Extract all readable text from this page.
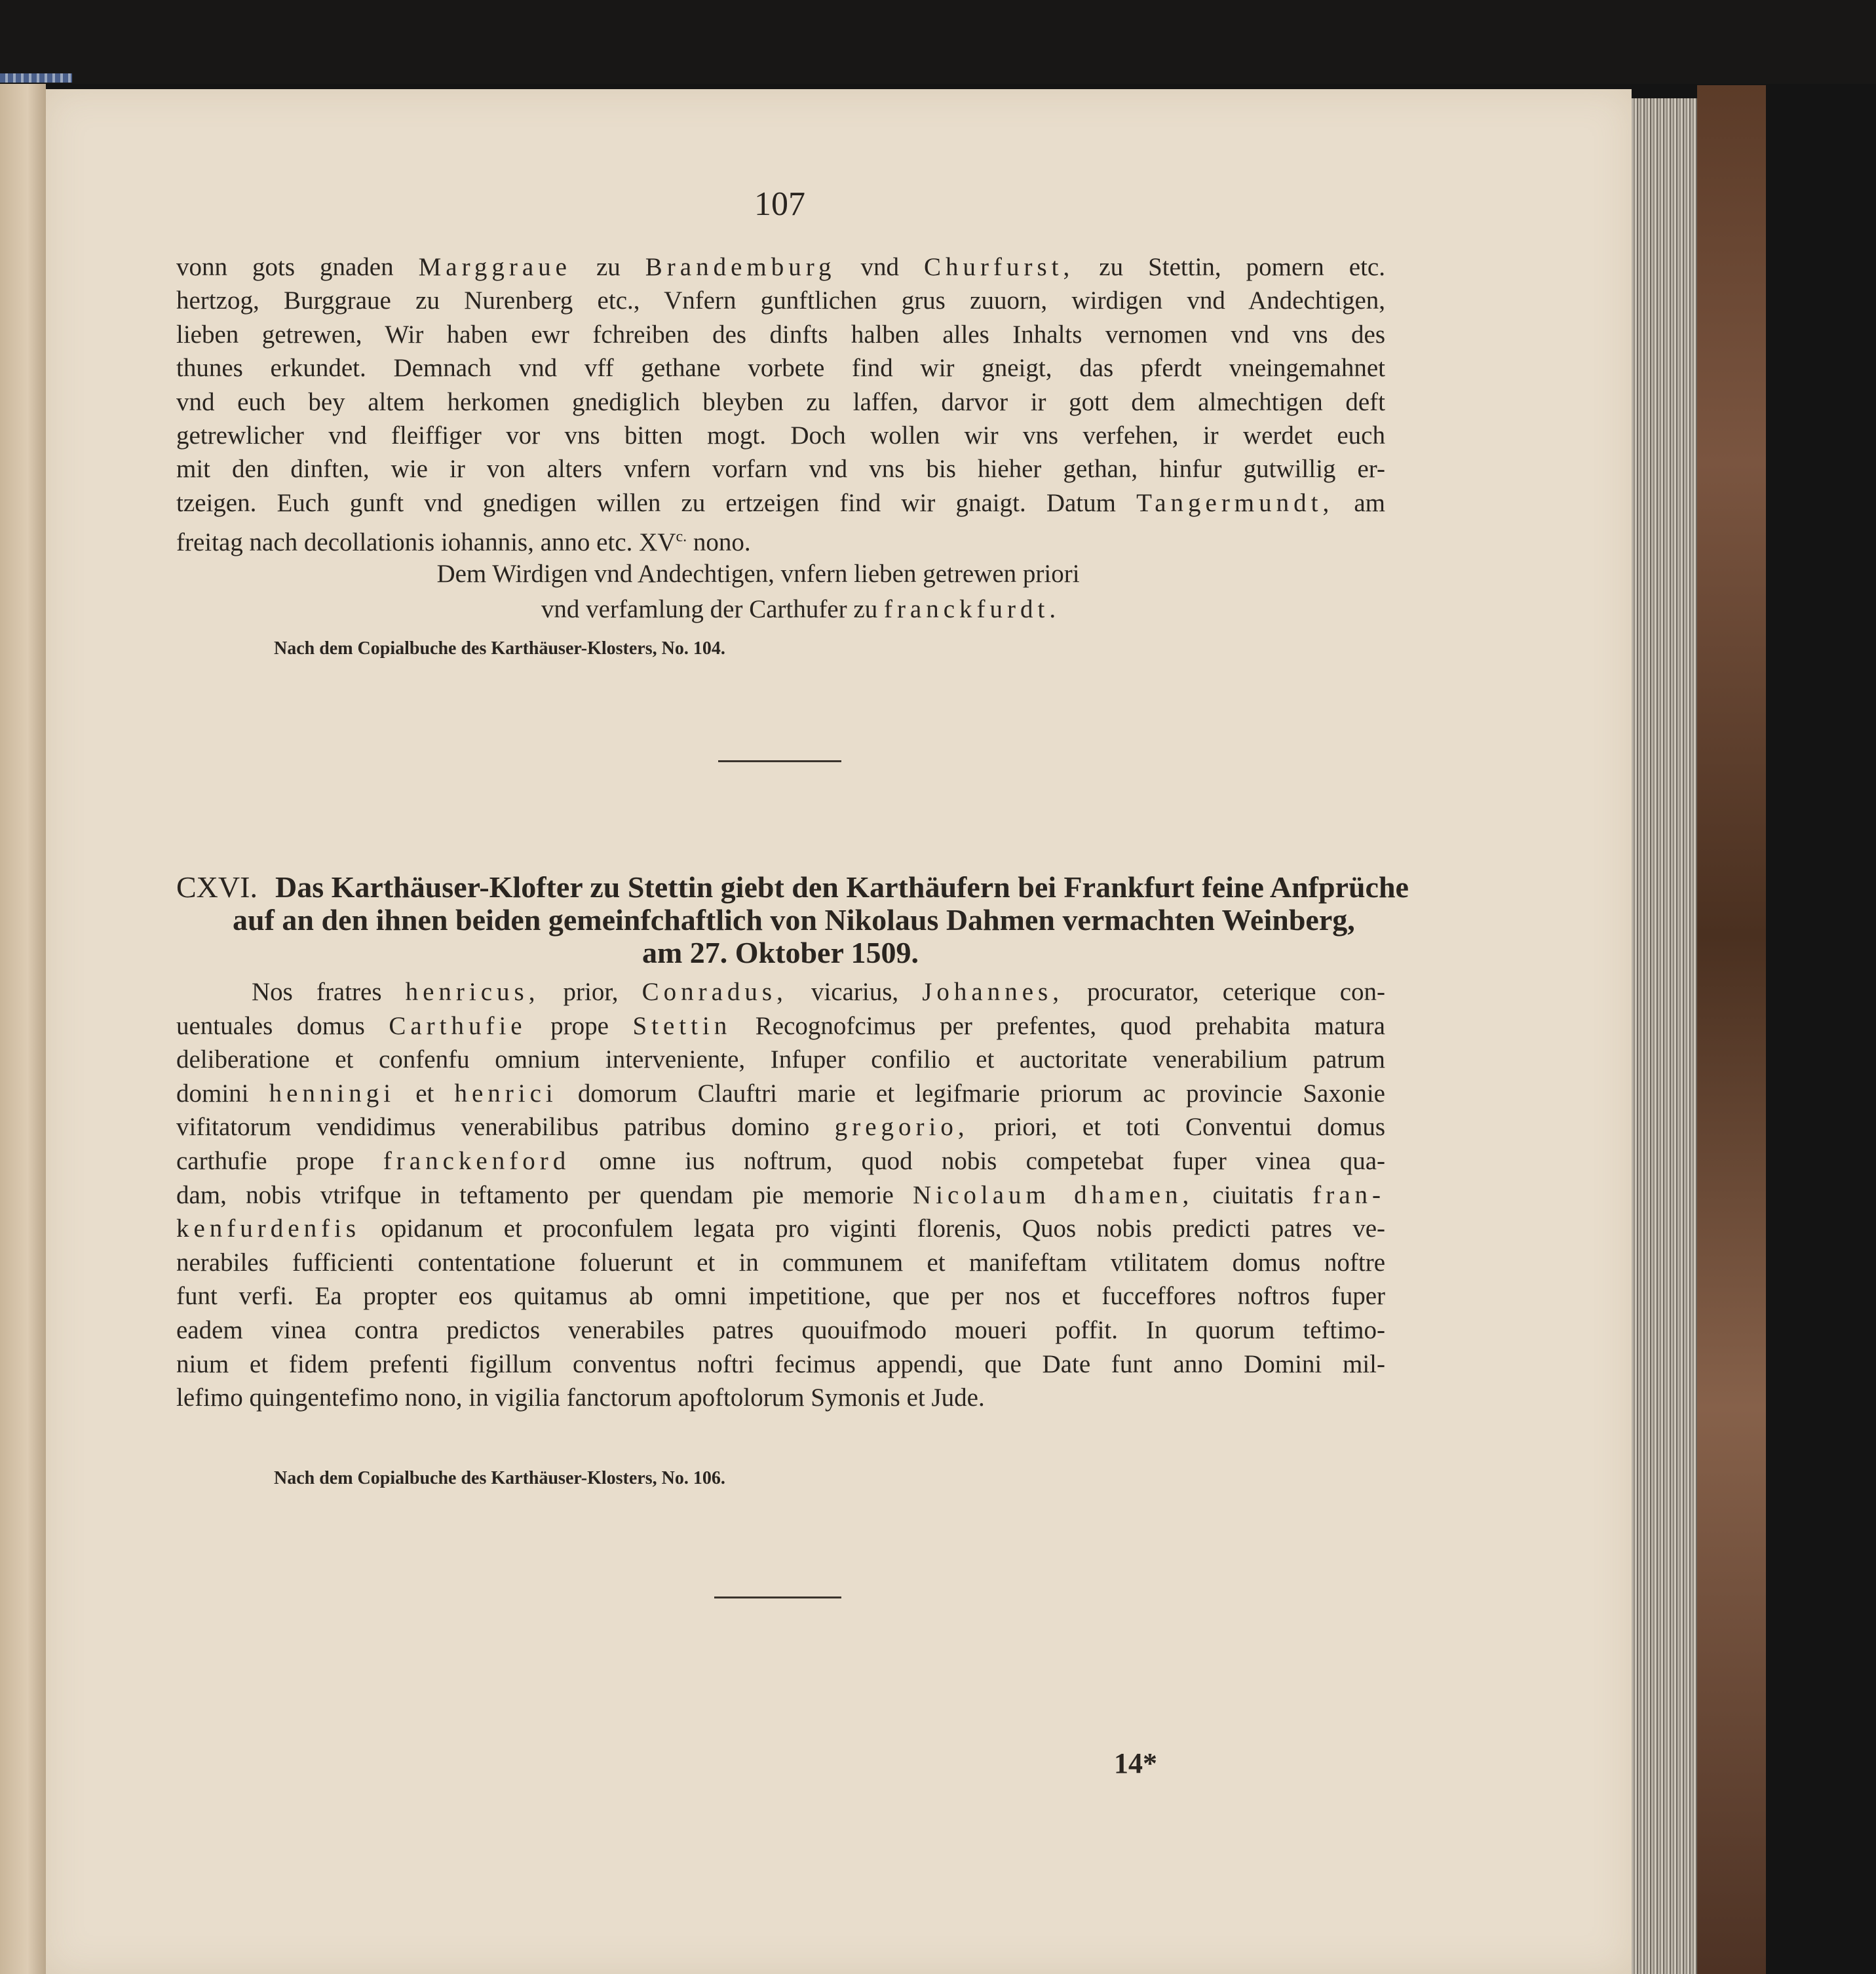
107
vonn gots gnaden Marggraue zu Brandemburg vnd Churfurst, zu Stettin, pomern etc.
hertzog, Burggraue zu Nurenberg etc., Vnfern gunftlichen grus zuuorn, wirdigen vnd Andechtigen,
lieben getrewen, Wir haben ewr fchreiben des dinfts halben alles Inhalts vernomen vnd vns des
thunes erkundet. Demnach vnd vff gethane vorbete find wir gneigt, das pferdt vneingemahnet
vnd euch bey altem herkomen gnediglich bleyben zu laffen, darvor ir gott dem almechtigen deft
getrewlicher vnd fleiffiger vor vns bitten mogt. Doch wollen wir vns verfehen, ir werdet euch
mit den dinften, wie ir von alters vnfern vorfarn vnd vns bis hieher gethan, hinfur gutwillig er-
tzeigen. Euch gunft vnd gnedigen willen zu ertzeigen find wir gnaigt. Datum Tangermundt, am
freitag nach decollationis iohannis, anno etc. $XV^{c.}$ nono.
Dem Wirdigen vnd Andechtigen, vnfern lieben getrewen priori
vnd verfamlung der Carthufer zu franckfurdt.
Nach dem Copialbuche des Karthäuser-Klosters, No. 104.
CXVI. Das Karthäuser-Klofter zu Stettin giebt den Karthäufern bei Frankfurt feine Anfprüche
auf an den ihnen beiden gemeinfchaftlich von Nikolaus Dahmen vermachten Weinberg,
am 27. Oktober 1509.
Nos fratres henricus, prior, Conradus, vicarius, Johannes, procurator, ceterique con-
uentuales domus Carthufie prope Stettin Recognofcimus per prefentes, quod prehabita matura
deliberatione et confenfu omnium interveniente, Infuper confilio et auctoritate venerabilium patrum
domini henningi et henrici domorum Clauftri marie et legifmarie priorum ac provincie Saxonie
vifitatorum vendidimus venerabilibus patribus domino gregorio, priori, et toti Conventui domus
carthufie prope franckenford omne ius noftrum, quod nobis competebat fuper vinea qua-
dam, nobis vtrifque in teftamento per quendam pie memorie Nicolaum dhamen, ciuitatis fran-
kenfurdenfis opidanum et proconfulem legata pro viginti florenis, Quos nobis predicti patres ve-
nerabiles fufficienti contentatione foluerunt et in communem et manifeftam vtilitatem domus noftre
funt verfi. Ea propter eos quitamus ab omni impetitione, que per nos et fucceffores noftros fuper
eadem vinea contra predictos venerabiles patres quouifmodo moueri poffit. In quorum teftimo-
nium et fidem prefenti figillum conventus noftri fecimus appendi, que Date funt anno Domini mil-
lefimo quingentefimo nono, in vigilia fanctorum apoftolorum Symonis et Jude.
Nach dem Copialbuche des Karthäuser-Klosters, No. 106.
14*
